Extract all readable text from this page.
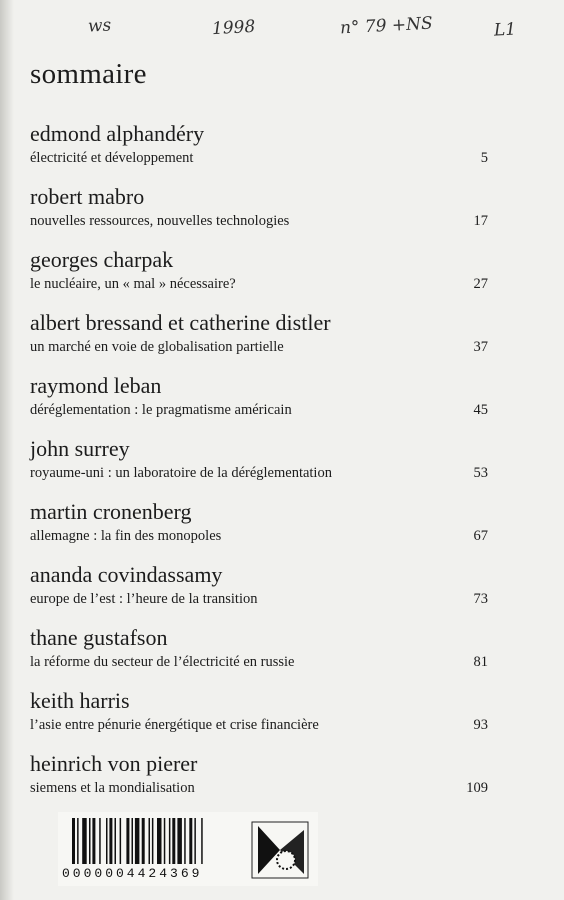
ws	1998	n° 79 +NS	L1
sommaire
edmond alphandéry
électricité et développement	5
robert mabro
nouvelles ressources, nouvelles technologies	17
georges charpak
le nucléaire, un « mal » nécessaire?	27
albert bressand et catherine distler
un marché en voie de globalisation partielle	37
raymond leban
déréglementation : le pragmatisme américain	45
john surrey
royaume-uni : un laboratoire de la déréglementation	53
martin cronenberg
allemagne : la fin des monopoles	67
ananda covindassamy
europe de l’est : l’heure de la transition	73
thane gustafson
la réforme du secteur de l’électricité en russie	81
keith harris
l’asie entre pénurie énergétique et crise financière	93
heinrich von pierer
siemens et la mondialisation	109
0000004424369
